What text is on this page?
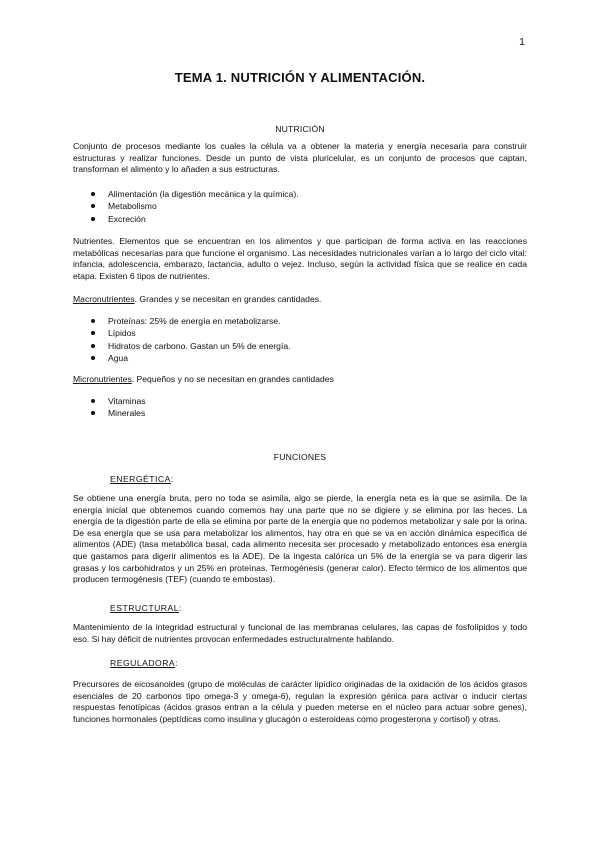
1
TEMA 1. NUTRICIÓN Y ALIMENTACIÓN.
NUTRICIÓN

Conjunto de procesos mediante los cuales la célula va a obtener la materia y energía necesaria para construir estructuras y realizar funciones. Desde un punto de vista pluricelular, es un conjunto de procesos que captan, transforman el alimento y lo añaden a sus estructuras.

Alimentación (la digestión mecánica y la química).
Metabolismo
Excreción

Nutrientes. Elementos que se encuentran en los alimentos y que participan de forma activa en las reacciones metabólicas necesarias para que funcione el organismo. Las necesidades nutricionales varían a lo largo del ciclo vital: infancia, adolescencia, embarazo, lactancia, adulto o vejez. Incluso, según la actividad física que se realice en cada etapa. Existen 6 tipos de nutrientes.

Macronutrientes. Grandes y se necesitan en grandes cantidades.
Proteínas: 25% de energía en metabolizarse.
Lípidos
Hidratos de carbono. Gastan un 5% de energía.
Agua
Micronutrientes. Pequeños y no se necesitan en grandes cantidades
Vitaminas
Minerales
FUNCIONES
ENERGÉTICA:

Se obtiene una energía bruta, pero no toda se asimila, algo se pierde, la energía neta es la que se asimila. De la energía inicial que obtenemos cuando comemos hay una parte que no se digiere y se elimina por las heces. La energía de la digestión parte de ella se elimina por parte de la energía que no podemos metabolizar y sale por la orina. De esa energía que se usa para metabolizar los alimentos, hay otra en que se va en acción dinámica específica de alimentos (ADE) (tasa metabólica basal, cada alimento necesita ser procesado y metabolizado entonces esa energía que gastamos para digerir alimentos es la ADE). De la ingesta calórica un 5% de la energía se va para digerir las grasas y los carbohidratos y un 25% en proteínas. Termogénesis (generar calor). Efecto térmico de los alimentos que producen termogénesis (TEF) (cuando te embostas).

ESTRUCTURAL:

Mantenimiento de la integridad estructural y funcional de las membranas celulares, las capas de fosfolípidos y todo eso. Si hay déficit de nutrientes provocan enfermedades estructuralmente hablando.

REGULADORA:

Precursores de eicosanoides (grupo de moléculas de carácter lipídico originadas de la oxidación de los ácidos grasos esenciales de 20 carbonos tipo omega-3 y omega-6), regulan la expresión génica para activar o inducir ciertas respuestas fenotípicas (ácidos grasos entran a la célula y pueden meterse en el núcleo para actuar sobre genes), funciones hormonales (peptídicas como insulina y glucagón o esteroideas como progesterona y cortisol) y otras.
